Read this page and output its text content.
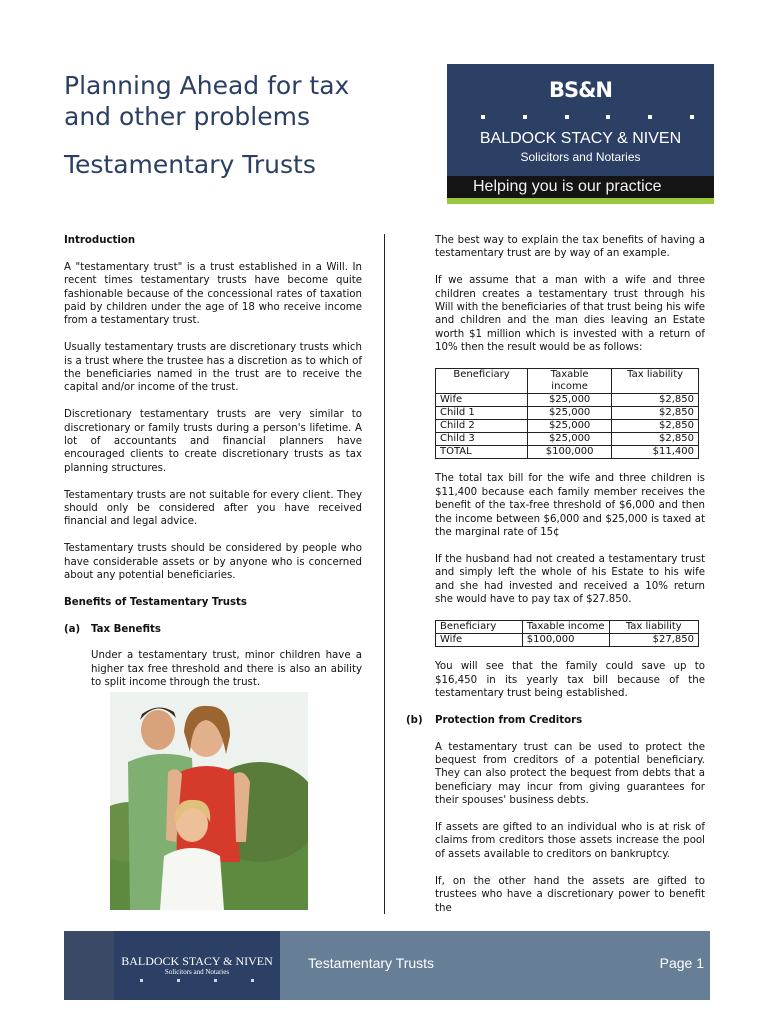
Planning Ahead for tax
and other problems
Testamentary Trusts
BS&N
BALDOCK STACY & NIVEN
Solicitors and Notaries
Helping you is our practice
Introduction

A "testamentary trust" is a trust established in a Will. In recent times testamentary trusts have become quite fashionable because of the concessional rates of taxation paid by children under the age of 18 who receive income from a testamentary trust.

Usually testamentary trusts are discretionary trusts which is a trust where the trustee has a discretion as to which of the beneficiaries named in the trust are to receive the capital and/or income of the trust.

Discretionary testamentary trusts are very similar to discretionary or family trusts during a person's lifetime. A lot of accountants and financial planners have encouraged clients to create discretionary trusts as tax planning structures.

Testamentary trusts are not suitable for every client. They should only be considered after you have received financial and legal advice.

Testamentary trusts should be considered by people who have considerable assets or by anyone who is concerned about any potential beneficiaries.

Benefits of Testamentary Trusts
(a) Tax Benefits

Under a testamentary trust, minor children have a higher tax free threshold and there is also an ability to split income through the trust.

The best way to explain the tax benefits of having a testamentary trust are by way of an example.

If we assume that a man with a wife and three children creates a testamentary trust through his Will with the beneficiaries of that trust being his wife and children and the man dies leaving an Estate worth $1 million which is invested with a return of 10% then the result would be as follows:

Beneficiary	Taxable income	Tax liability
Wife	$25,000	$2,850
Child 1	$25,000	$2,850
Child 2	$25,000	$2,850
Child 3	$25,000	$2,850
TOTAL	$100,000	$11,400

The total tax bill for the wife and three children is $11,400 because each family member receives the benefit of the tax-free threshold of $6,000 and then the income between $6,000 and $25,000 is taxed at the marginal rate of 15¢

If the husband had not created a testamentary trust and simply left the whole of his Estate to his wife and she had invested and received a 10% return she would have to pay tax of $27.850.

Beneficiary	Taxable income	Tax liability
Wife	$100,000	$27,850

You will see that the family could save up to $16,450 in its yearly tax bill because of the testamentary trust being established.

(b) Protection from Creditors

A testamentary trust can be used to protect the bequest from creditors of a potential beneficiary. They can also protect the bequest from debts that a beneficiary may incur from giving guarantees for their spouses' business debts.

If assets are gifted to an individual who is at risk of claims from creditors those assets increase the pool of assets available to creditors on bankruptcy.

If, on the other hand the assets are gifted to trustees who have a discretionary power to benefit the

BALDOCK STACY & NIVEN
Solicitors and Notaries
Testamentary Trusts	Page 1
